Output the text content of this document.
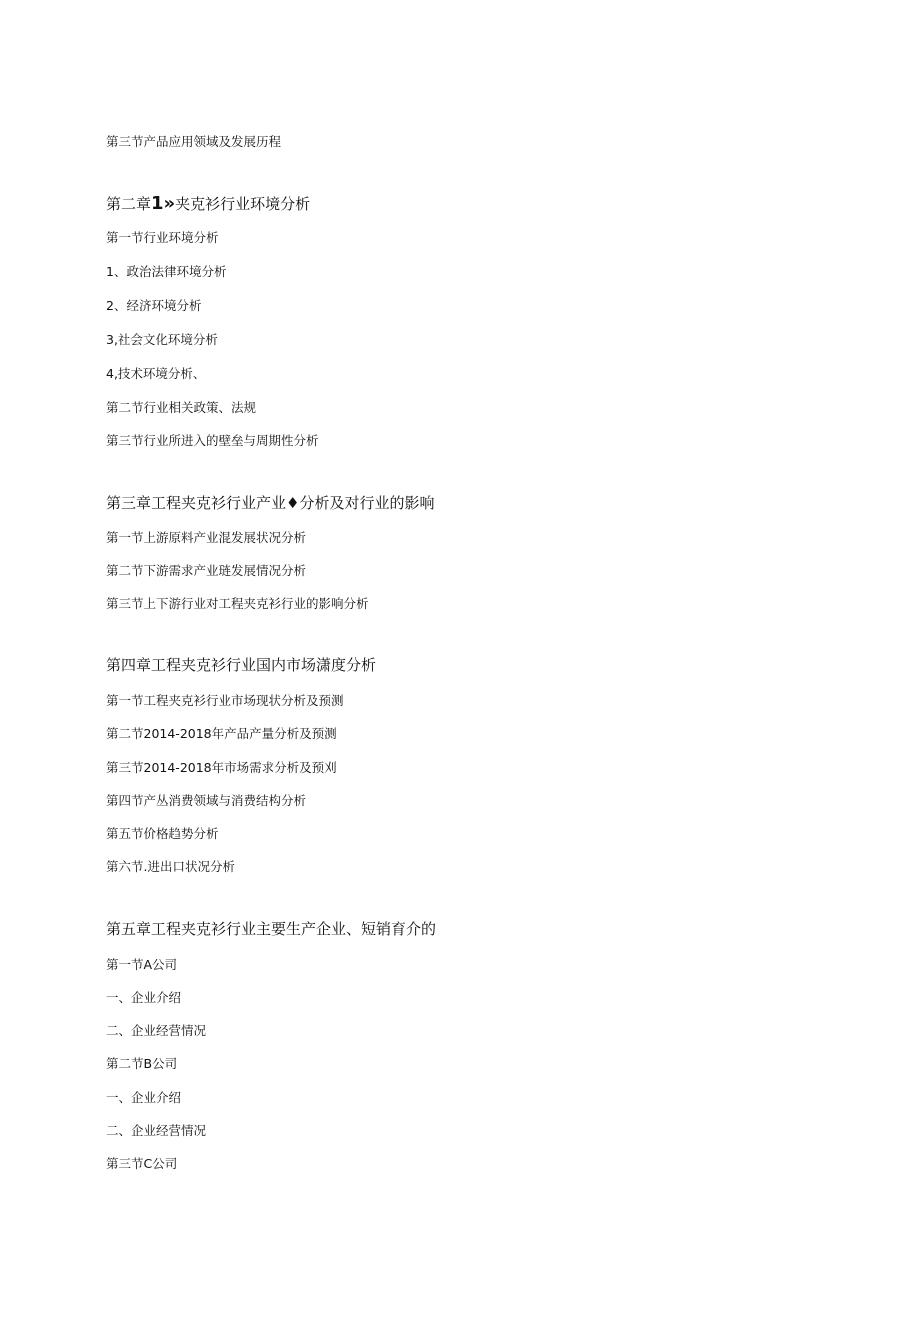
第三节产品应用领域及发展历程
第二章1»夹克衫行业环境分析
第一节行业环境分析
1、政治法律环境分析
2、经济环境分析
3,社会文化环境分析
4,技术环境分析、
第二节行业相关政策、法规
第三节行业所进入的壁垒与周期性分析
第三章工程夹克衫行业产业♦分析及对行业的影响
第一节上游原料产业混发展状况分析
第二节下游需求产业琏发展情况分析
第三节上下游行业对工程夹克衫行业的影响分析
第四章工程夹克衫行业国内市场潇度分析
第一节工程夹克衫行业市场现状分析及预测
第二节2014-2018年产品产量分析及预测
第三节2014-2018年市场需求分析及预刈
第四节产丛消费领域与消费结构分析
第五节价格趋势分析
第六节.进出口状况分析
第五章工程夹克衫行业主要生产企业、短销育介的
第一节A公司
一、企业介绍
二、企业经营情况
第二节B公司
一、企业介绍
二、企业经营情况
第三节C公司
